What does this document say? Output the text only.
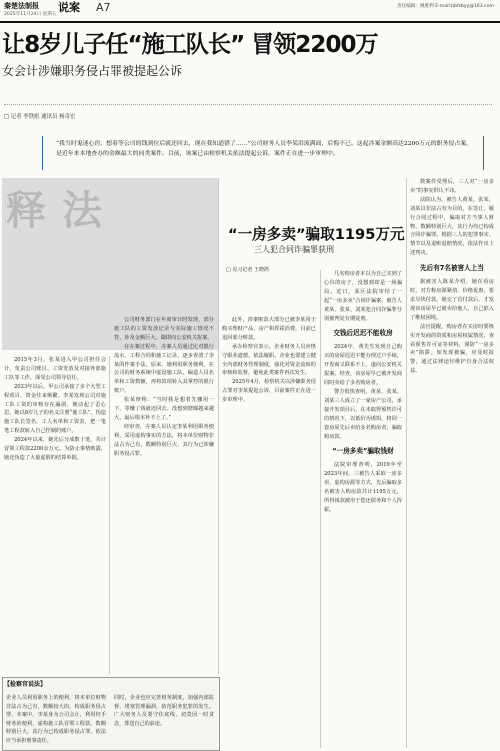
秦楚法制报
2025年11月24日 星期五
说案 A7	责任编辑：姚胜利 E-mail:hbfzbyy@163.com
让8岁儿子任“施工队长” 冒领2200万
女会计涉嫌职务侵占罪被提起公诉
□ 记者 李铁彪 通讯员 杨奇宏
“我当时鬼迷心窍，想着等公司的钱到位后就还回去，现在我知道错了……”公司财务人员李某泪流满面，后悔不已。这起涉案金额高达2200万元的职务侵占案，是近年来本地查办的金额最大的同类案件。目前，该案已由检察机关依法提起公诉，案件正在进一步审理中。
释法

2015年3月，张某进入甲公司担任会计，负责公司账目、工资发放及对接外部施工队等工作，深受公司领导信任。

2023年以后，甲公司承接了多个大型工程项目，资金往来频繁。李某发现公司对施工队工资的审核存在漏洞，便动起了歪心思。她以8岁儿子的名义注册“施工队”，伪造施工队长签名、工人名单和工资表，把一笔笔工程款转入自己控制的账户。

2024年以来，她先后分成数十笔，共计冒领工程款2200余万元。为防止事情败露，她还伪造了大量虚假的结算单据。

公司财务部门在年度审计时发现，部分施工队的工资发放记录与实际施工情况不符，涉及金额巨大，随即向公安机关报案。

在办案过程中，办案人员通过比对银行流水、工程合同和施工记录，逐步查清了李某的作案手法。原来，她利用职务便利，在公司的财务系统中虚设施工队，编造人员名单和工资数额，再将款项转入其掌控的银行账户。

张某辩称：“当时我是想着先挪用一下，等赚了钱就还回去。没想到窟窿越来越大，最后根本补不上了。”

经审查，办案人员认定李某利用职务便利，采用虚构事实的方法，将本单位财物非法占为己有，数额特别巨大，其行为已涉嫌职务侵占罪。

此外，涉案赃款大部分已被李某用于购买理财产品、房产和挥霍消费，目前已追回部分赃款。

承办检察官表示，企业财务人员应恪守职业道德，依法履职。企业也要建立健全内部财务管理制度，强化对资金流转的审核和监督，避免此类案件再次发生。

2025年4月，检察机关以涉嫌职务侵占罪对李某提起公诉，目前案件正在进一步审理中。

“一房多卖”骗取1195万元
三人犯合同诈骗罪获刑
□ 见习记者 王晓鸿

几名购房者本以为自己买到了心仪的房子，没想到却是一场骗局。近日，某区法院审结了一起“一房多卖”合同诈骗案，被告人黄某、张某、刘某犯合同诈骗罪分别被判处有期徒刑。

交钱后迟迟不能收房

2024年，黄先生发现自己购买的房屋迟迟不能办理过户手续，开发商又联系不上，遂向公安机关报案。经查，该房屋早已被开发商同时卖给了多名购房者。

警方很快查明，黄某、张某、刘某三人成立了一家房产公司，承接开发项目后，在未取得预售许可的情况下，以低价为诱饵，将同一套房屋先后卖给多名购房者，骗取购房款。

“一房多卖”骗取钱财

法院审理查明，2019年至2023年间，三被告人采取一房多卖、虚构房源等方式，先后骗取多名被害人购房款共计1195万元，所得钱款被用于偿还债务和个人挥霍。

数案件受理后，三人对“一房多卖”的事实供认不讳。

法院认为，被告人黄某、张某、刘某以非法占有为目的，在签订、履行合同过程中，骗取对方当事人财物，数额特别巨大，其行为均已构成合同诈骗罪。根据三人的犯罪事实、情节以及退赃退赔情况，依法作出上述判决。

先后有7名被害人上当

据被害人陈某介绍，她在看房时，对方称房源紧俏、价格优惠，要求尽快付款。她交了首付款后，才发现该房屋早已被卖给他人，自己陷入了维权困境。

法官提醒，购房者在买房时要核实开发商的资质和房屋权属情况，查看预售许可证等材料，谨防“一房多卖”陷阱。如发现被骗，应及时报警，通过法律途径维护自身合法权益。

【检察官说法】
企业人员利用职务上的便利，将本单位财物非法占为己有，数额较大的，构成职务侵占罪。本案中，李某身为公司会计，利用经手财务的便利，虚构施工队冒领工程款，数额特别巨大，其行为已构成职务侵占罪，依法应当承担刑事责任。
同时，企业也应完善财务制度，加强内部监督，堵塞管理漏洞，防范职务犯罪的发生。广大财务人员要守住底线，切莫因一时贪念，葬送自己的前途。
